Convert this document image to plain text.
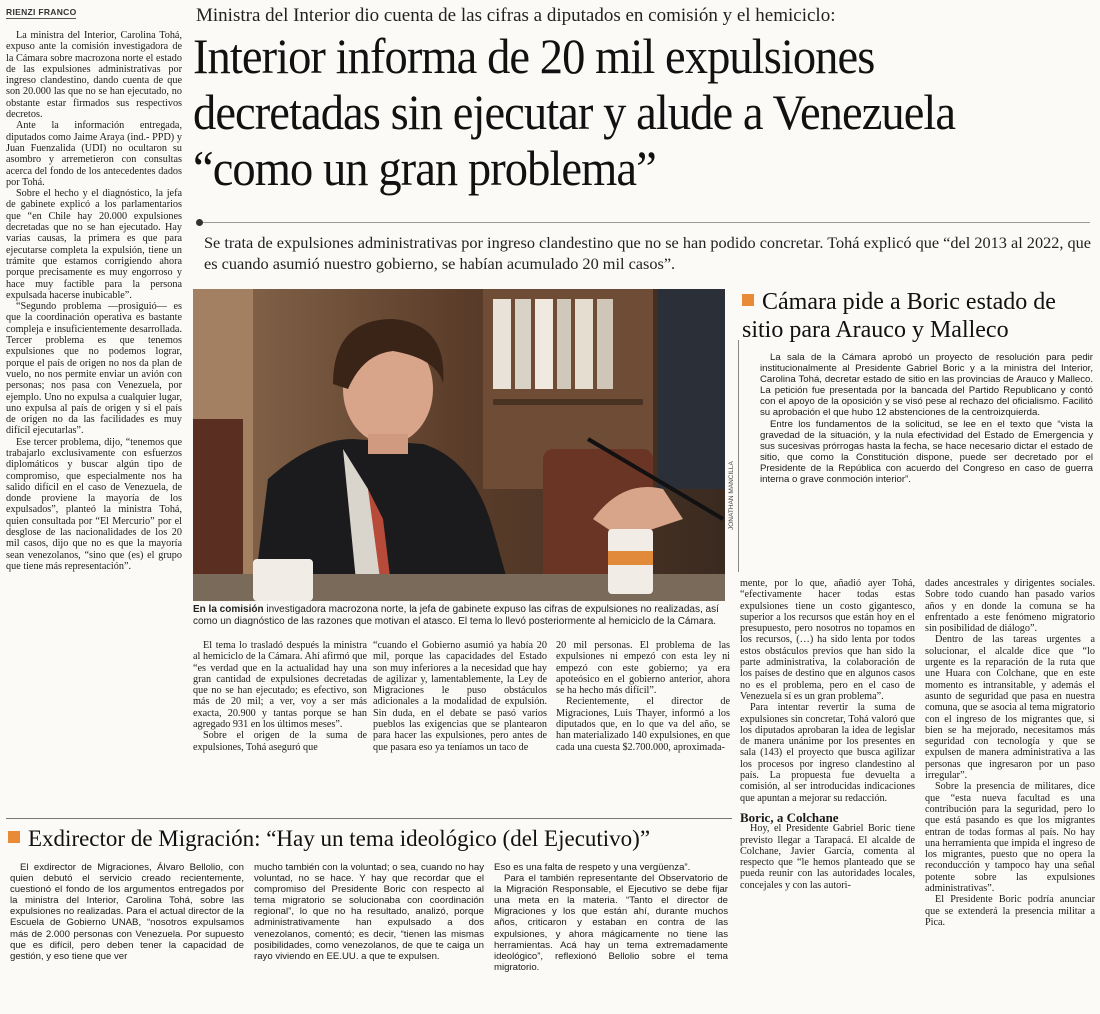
RIENZI FRANCO

La ministra del Interior, Carolina Tohá, expuso ante la comisión investigadora de la Cámara sobre macrozona norte el estado de las expulsiones administrativas por ingreso clandestino, dando cuenta de que son 20.000 las que no se han ejecutado, no obstante estar firmados sus respectivos decretos.

Ante la información entregada, diputados como Jaime Araya (ind.- PPD) y Juan Fuenzalida (UDI) no ocultaron su asombro y arremetieron con consultas acerca del fondo de los antecedentes dados por Tohá.

Sobre el hecho y el diagnóstico, la jefa de gabinete explicó a los parlamentarios que “en Chile hay 20.000 expulsiones decretadas que no se han ejecutado. Hay varias causas, la primera es que para ejecutarse completa la expulsión, tiene un trámite que estamos corrigiendo ahora porque precisamente es muy engorroso y hace muy factible para la persona expulsada hacerse inubicable”.

“Segundo problema —prosiguió— es que la coordinación operativa es bastante compleja e insuficientemente desarrollada. Tercer problema es que tenemos expulsiones que no podemos lograr, porque el país de origen no nos da plan de vuelo, no nos permite enviar un avión con personas; nos pasa con Venezuela, por ejemplo. Uno no expulsa a cualquier lugar, uno expulsa al país de origen y si el país de origen no da las facilidades es muy difícil ejecutarlas”.

Ese tercer problema, dijo, “tenemos que trabajarlo exclusivamente con esfuerzos diplomáticos y buscar algún tipo de compromiso, que especialmente nos ha salido difícil en el caso de Venezuela, de donde proviene la mayoría de los expulsados”, planteó la ministra Tohá, quien consultada por “El Mercurio” por el desglose de las nacionalidades de los 20 mil casos, dijo que no es que la mayoría sean venezolanos, “sino que (es) el grupo que tiene más representación”.

Ministra del Interior dio cuenta de las cifras a diputados en comisión y el hemiciclo:
Interior informa de 20 mil expulsiones decretadas sin ejecutar y alude a Venezuela “como un gran problema”
Se trata de expulsiones administrativas por ingreso clandestino que no se han podido concretar. Tohá explicó que “del 2013 al 2022, que es cuando asumió nuestro gobierno, se habían acumulado 20 mil casos”.
JONATHAN MANCILLA
En la comisión investigadora macrozona norte, la jefa de gabinete expuso las cifras de expulsiones no realizadas, así como un diagnóstico de las razones que motivan el atasco. El tema lo llevó posteriormente al hemiciclo de la Cámara.

El tema lo trasladó después la ministra al hemiciclo de la Cámara. Ahí afirmó que “es verdad que en la actualidad hay una gran cantidad de expulsiones decretadas que no se han ejecutado; es efectivo, son más de 20 mil; a ver, voy a ser más exacta, 20.900 y tantas porque se han agregado 931 en los últimos meses”.

Sobre el origen de la suma de expulsiones, Tohá aseguró que

“cuando el Gobierno asumió ya había 20 mil, porque las capacidades del Estado son muy inferiores a la necesidad que hay de agilizar y, lamentablemente, la Ley de Migraciones le puso obstáculos adicionales a la modalidad de expulsión. Sin duda, en el debate se pasó varios pueblos las exigencias que se plantearon para hacer las expulsiones, pero antes de que pasara eso ya teníamos un taco de

20 mil personas. El problema de las expulsiones ni empezó con esta ley ni empezó con este gobierno; ya era apoteósico en el gobierno anterior, ahora se ha hecho más difícil”.

Recientemente, el director de Migraciones, Luis Thayer, informó a los diputados que, en lo que va del año, se han materializado 140 expulsiones, en que cada una cuesta $2.700.000, aproximada-

mente, por lo que, añadió ayer Tohá, “efectivamente hacer todas estas expulsiones tiene un costo gigantesco, superior a los recursos que están hoy en el presupuesto, pero nosotros no topamos en los recursos, (…) ha sido lenta por todos estos obstáculos previos que han sido la parte administrativa, la colaboración de los países de destino que en algunos casos no es el problema, pero en el caso de Venezuela sí es un gran problema”.

Para intentar revertir la suma de expulsiones sin concretar, Tohá valoró que los diputados aprobaran la idea de legislar de manera unánime por los presentes en sala (143) el proyecto que busca agilizar los procesos por ingreso clandestino al país. La propuesta fue devuelta a comisión, al ser introducidas indicaciones que apuntan a mejorar su redacción.

Boric, a Colchane

Hoy, el Presidente Gabriel Boric tiene previsto llegar a Tarapacá. El alcalde de Colchane, Javier García, comenta al respecto que “le hemos planteado que se pueda reunir con las autoridades locales, concejales y con las autori-

dades ancestrales y dirigentes sociales. Sobre todo cuando han pasado varios años y en donde la comuna se ha enfrentado a este fenómeno migratorio sin posibilidad de diálogo”.

Dentro de las tareas urgentes a solucionar, el alcalde dice que “lo urgente es la reparación de la ruta que une Huara con Colchane, que en este momento es intransitable, y además el asunto de seguridad que pasa en nuestra comuna, que se asocia al tema migratorio con el ingreso de los migrantes que, si bien se ha mejorado, necesitamos más seguridad con tecnología y que se expulsen de manera administrativa a las personas que ingresaron por un paso irregular”.

Sobre la presencia de militares, dice que “esta nueva facultad es una contribución para la seguridad, pero lo que está pasando es que los migrantes entran de todas formas al país. No hay una herramienta que impida el ingreso de los migrantes, puesto que no opera la reconducción y tampoco hay una señal potente sobre las expulsiones administrativas”.

El Presidente Boric podría anunciar que se extenderá la presencia militar a Pica.

Cámara pide a Boric estado de sitio para Arauco y Malleco

La sala de la Cámara aprobó un proyecto de resolución para pedir institucionalmente al Presidente Gabriel Boric y a la ministra del Interior, Carolina Tohá, decretar estado de sitio en las provincias de Arauco y Malleco. La petición fue presentada por la bancada del Partido Republicano y contó con el apoyo de la oposición y se visó pese al rechazo del oficialismo. Facilitó su aprobación el que hubo 12 abstenciones de la centroizquierda.

Entre los fundamentos de la solicitud, se lee en el texto que “vista la gravedad de la situación, y la nula efectividad del Estado de Emergencia y sus sucesivas prórrogas hasta la fecha, se hace necesario dictar el estado de sitio, que como la Constitución dispone, puede ser decretado por el Presidente de la República con acuerdo del Congreso en caso de guerra interna o grave conmoción interior”.

Exdirector de Migración: “Hay un tema ideológico (del Ejecutivo)”

El exdirector de Migraciones, Álvaro Bellolio, con quien debutó el servicio creado recientemente, cuestionó el fondo de los argumentos entregados por la ministra del Interior, Carolina Tohá, sobre las expulsiones no realizadas. Para el actual director de la Escuela de Gobierno UNAB, “nosotros expulsamos más de 2.000 personas con Venezuela. Por supuesto que es difícil, pero deben tener la capacidad de gestión, y eso tiene que ver

mucho también con la voluntad; o sea, cuando no hay voluntad, no se hace. Y hay que recordar que el compromiso del Presidente Boric con respecto al tema migratorio se solucionaba con coordinación regional”, lo que no ha resultado, analizó, porque administrativamente han expulsado a dos venezolanos, comentó; es decir, “tienen las mismas posibilidades, como venezolanos, de que te caiga un rayo viviendo en EE.UU. a que te expulsen.

Eso es una falta de respeto y una vergüenza”.

Para el también representante del Observatorio de la Migración Responsable, el Ejecutivo se debe fijar una meta en la materia. “Tanto el director de Migraciones y los que están ahí, durante muchos años, criticaron y estaban en contra de las expulsiones, y ahora mágicamente no tiene las herramientas. Acá hay un tema extremadamente ideológico”, reflexionó Bellolio sobre el tema migratorio.
